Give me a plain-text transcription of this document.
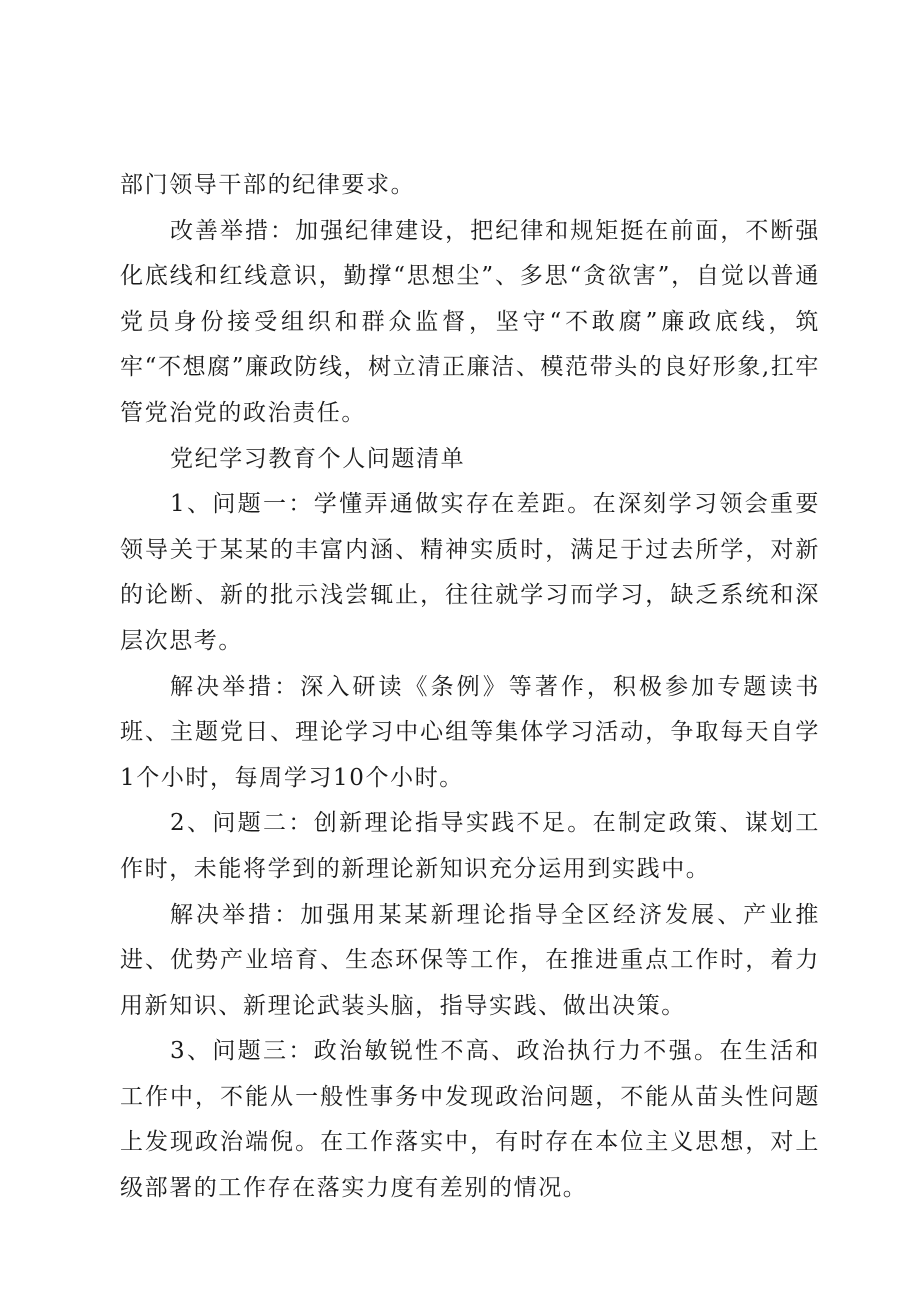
部门领导干部的纪律要求。

改善举措：加强纪律建设，把纪律和规矩挺在前面，不断强化底线和红线意识，勤撑“思想尘”、多思“贪欲害”，自觉以普通党员身份接受组织和群众监督，坚守“不敢腐”廉政底线，筑牢“不想腐”廉政防线，树立清正廉洁、模范带头的良好形象,扛牢管党治党的政治责任。

党纪学习教育个人问题清单

1、问题一：学懂弄通做实存在差距。在深刻学习领会重要领导关于某某的丰富内涵、精神实质时，满足于过去所学，对新的论断、新的批示浅尝辄止，往往就学习而学习，缺乏系统和深层次思考。

解决举措：深入研读《条例》等著作，积极参加专题读书班、主题党日、理论学习中心组等集体学习活动，争取每天自学1个小时，每周学习10个小时。

2、问题二：创新理论指导实践不足。在制定政策、谋划工作时，未能将学到的新理论新知识充分运用到实践中。

解决举措：加强用某某新理论指导全区经济发展、产业推进、优势产业培育、生态环保等工作，在推进重点工作时，着力用新知识、新理论武装头脑，指导实践、做出决策。

3、问题三：政治敏锐性不高、政治执行力不强。在生活和工作中，不能从一般性事务中发现政治问题，不能从苗头性问题上发现政治端倪。在工作落实中，有时存在本位主义思想，对上级部署的工作存在落实力度有差别的情况。
